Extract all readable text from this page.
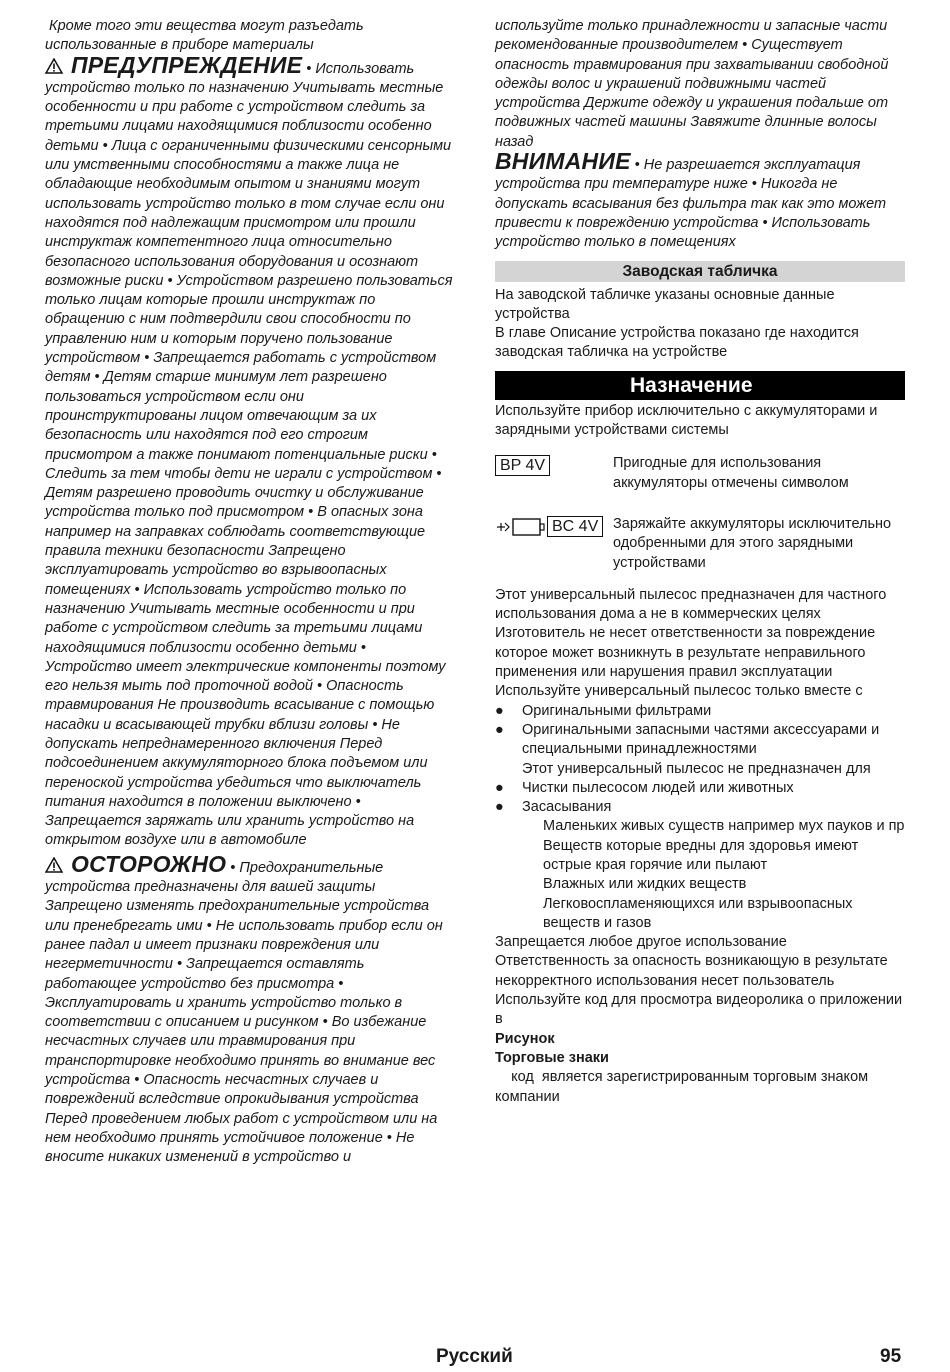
Кроме того эти вещества могут разъедать использованные в приборе материалы

ПРЕДУПРЕЖДЕНИЕ • Использовать устройство только по назначению Учитывать местные особенности и при работе с устройством следить за третьими лицами находящимися поблизости особенно детьми • Лица с ограниченными физическими сенсорными или умственными способностями а также лица не обладающие необходимым опытом и знаниями могут использовать устройство только в том случае если они находятся под надлежащим присмотром или прошли инструктаж компетентного лица относительно безопасного использования оборудования и осознают возможные риски • Устройством разрешено пользоваться только лицам которые прошли инструктаж по обращению с ним подтвердили свои способности по управлению ним и которым поручено пользование устройством • Запрещается работать с устройством детям • Детям старше минимум лет разрешено пользоваться устройством если они проинструктированы лицом отвечающим за их безопасность или находятся под его строгим присмотром а также понимают потенциальные риски • Следить за тем чтобы дети не играли с устройством • Детям разрешено проводить очистку и обслуживание устройства только под присмотром • В опасных зона например на заправках соблюдать соответствующие правила техники безопасности Запрещено эксплуатировать устройство во взрывоопасных помещениях • Использовать устройство только по назначению Учитывать местные особенности и при работе с устройством следить за третьими лицами находящимися поблизости особенно детьми • Устройство имеет электрические компоненты поэтому его нельзя мыть под проточной водой • Опасность травмирования Не производить всасывание с помощью насадки и всасывающей трубки вблизи головы • Не допускать непреднамеренного включения Перед подсоединением аккумуляторного блока подъемом или переноской устройства убедиться что выключатель питания находится в положении выключено • Запрещается заряжать или хранить устройство на открытом воздухе или в автомобиле

ОСТОРОЖНО • Предохранительные устройства предназначены для вашей защиты Запрещено изменять предохранительные устройства или пренебрегать ими • Не использовать прибор если он ранее падал и имеет признаки повреждения или негерметичности • Запрещается оставлять работающее устройство без присмотра • Эксплуатировать и хранить устройство только в соответствии с описанием и рисунком • Во избежание несчастных случаев или травмирования при транспортировке необходимо принять во внимание вес устройства • Опасность несчастных случаев и повреждений вследствие опрокидывания устройства Перед проведением любых работ с устройством или на нем необходимо принять устойчивое положение • Не вносите никаких изменений в устройство и

используйте только принадлежности и запасные части рекомендованные производителем • Существует опасность травмирования при захватывании свободной одежды волос и украшений подвижными частей устройства Держите одежду и украшения подальше от подвижных частей машины Завяжите длинные волосы назад

ВНИМАНИЕ • Не разрешается эксплуатация устройства при температуре ниже • Никогда не допускать всасывания без фильтра так как это может привести к повреждению устройства • Использовать устройство только в помещениях

Заводская табличка

На заводской табличке указаны основные данные устройства

В главе Описание устройства показано где находится заводская табличка на устройстве

Назначение

Используйте прибор исключительно с аккумуляторами и зарядными устройствами системы

BP 4V	Пригодные для использования аккумуляторы отмечены символом
BC 4V	Заряжайте аккумуляторы исключительно одобренными для этого зарядными устройствами

Этот универсальный пылесос предназначен для частного использования дома а не в коммерческих целях Изготовитель не несет ответственности за повреждение которое может возникнуть в результате неправильного применения или нарушения правил эксплуатации

Используйте универсальный пылесос только вместе с

●	Оригинальными фильтрами
●	Оригинальными запасными частями аксессуарами и специальными принадлежностями

Этот универсальный пылесос не предназначен для

●	Чистки пылесосом людей или животных
●	Засасывания

Маленьких живых существ например мух пауков и пр

Веществ которые вредны для здоровья имеют острые края горячие или пылают

Влажных или жидких веществ

Легковоспламеняющихся или взрывоопасных веществ и газов

Запрещается любое другое использование

Ответственность за опасность возникающую в результате некорректного использования несет пользователь

Используйте код для просмотра видеоролика о приложении в

Рисунок

Торговые знаки

код  является зарегистрированным торговым знаком компании

Русский	95
